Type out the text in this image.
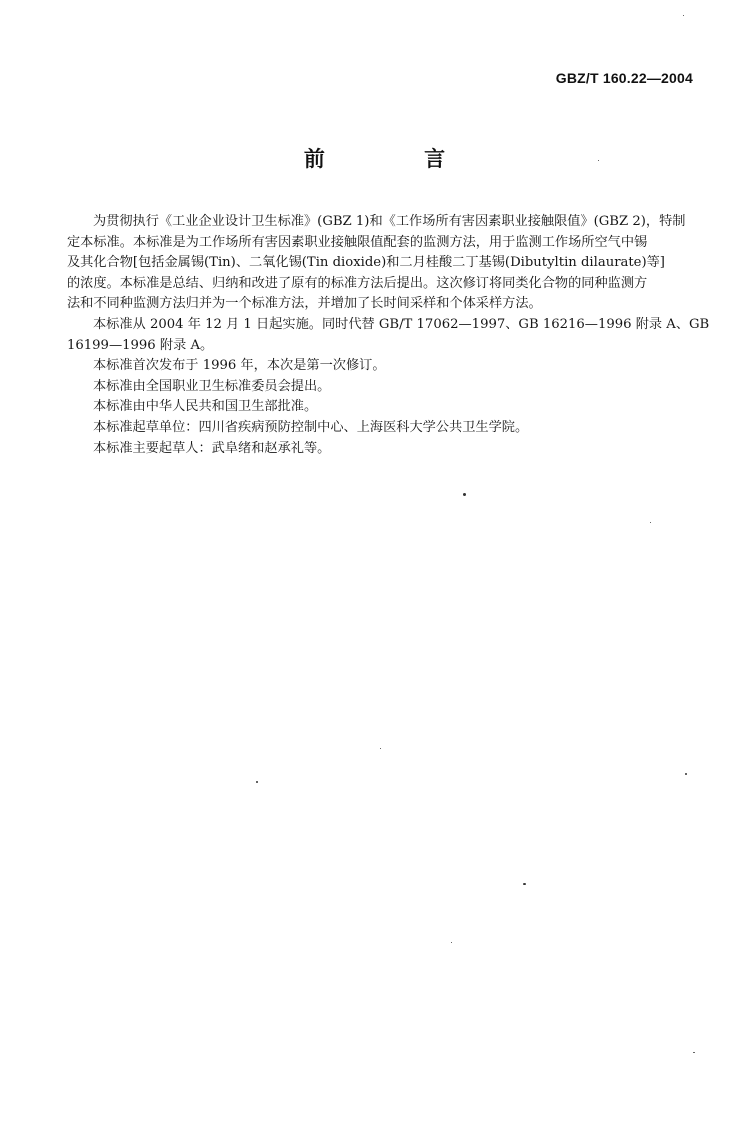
GBZ/T 160.22—2004
前 言
为贯彻执行《工业企业设计卫生标准》(GBZ 1)和《工作场所有害因素职业接触限值》(GBZ 2)，特制
定本标准。本标准是为工作场所有害因素职业接触限值配套的监测方法，用于监测工作场所空气中锡
及其化合物[包括金属锡(Tin)、二氧化锡(Tin dioxide)和二月桂酸二丁基锡(Dibutyltin dilaurate)等]
的浓度。本标准是总结、归纳和改进了原有的标准方法后提出。这次修订将同类化合物的同种监测方
法和不同种监测方法归并为一个标准方法，并增加了长时间采样和个体采样方法。
本标准从 2004 年 12 月 1 日起实施。同时代替 GB/T 17062—1997、GB 16216—1996 附录 A、GB
16199—1996 附录 A。

本标准首次发布于 1996 年，本次是第一次修订。

本标准由全国职业卫生标准委员会提出。

本标准由中华人民共和国卫生部批准。

本标准起草单位：四川省疾病预防控制中心、上海医科大学公共卫生学院。

本标准主要起草人：武阜绪和赵承礼等。
